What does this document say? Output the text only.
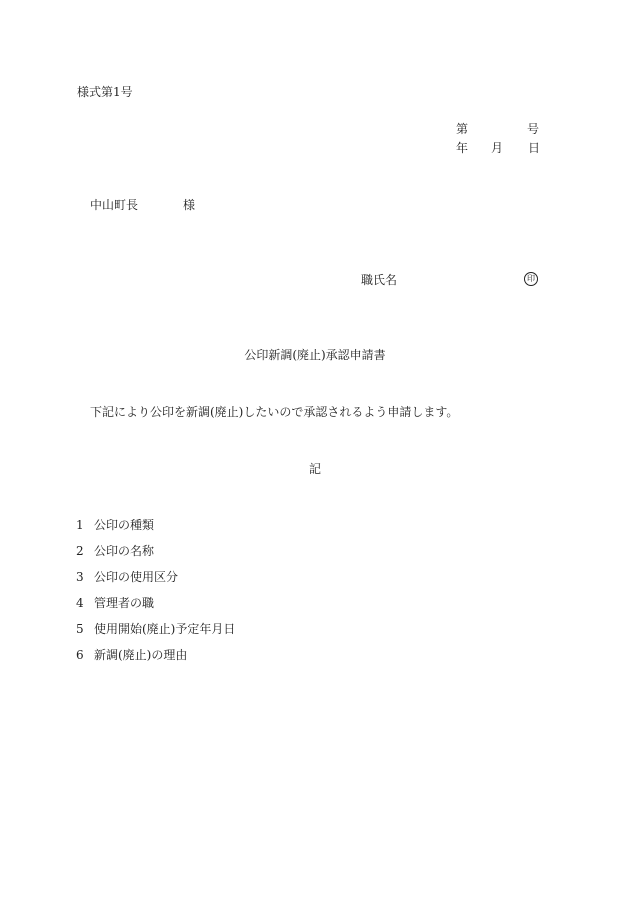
様式第1号
第	号
年 月 日
中山町長	様
職氏名	印
公印新調(廃止)承認申請書
下記により公印を新調(廃止)したいので承認されるよう申請します。
記
1 公印の種類
2 公印の名称
3 公印の使用区分
4 管理者の職
5 使用開始(廃止)予定年月日
6 新調(廃止)の理由
